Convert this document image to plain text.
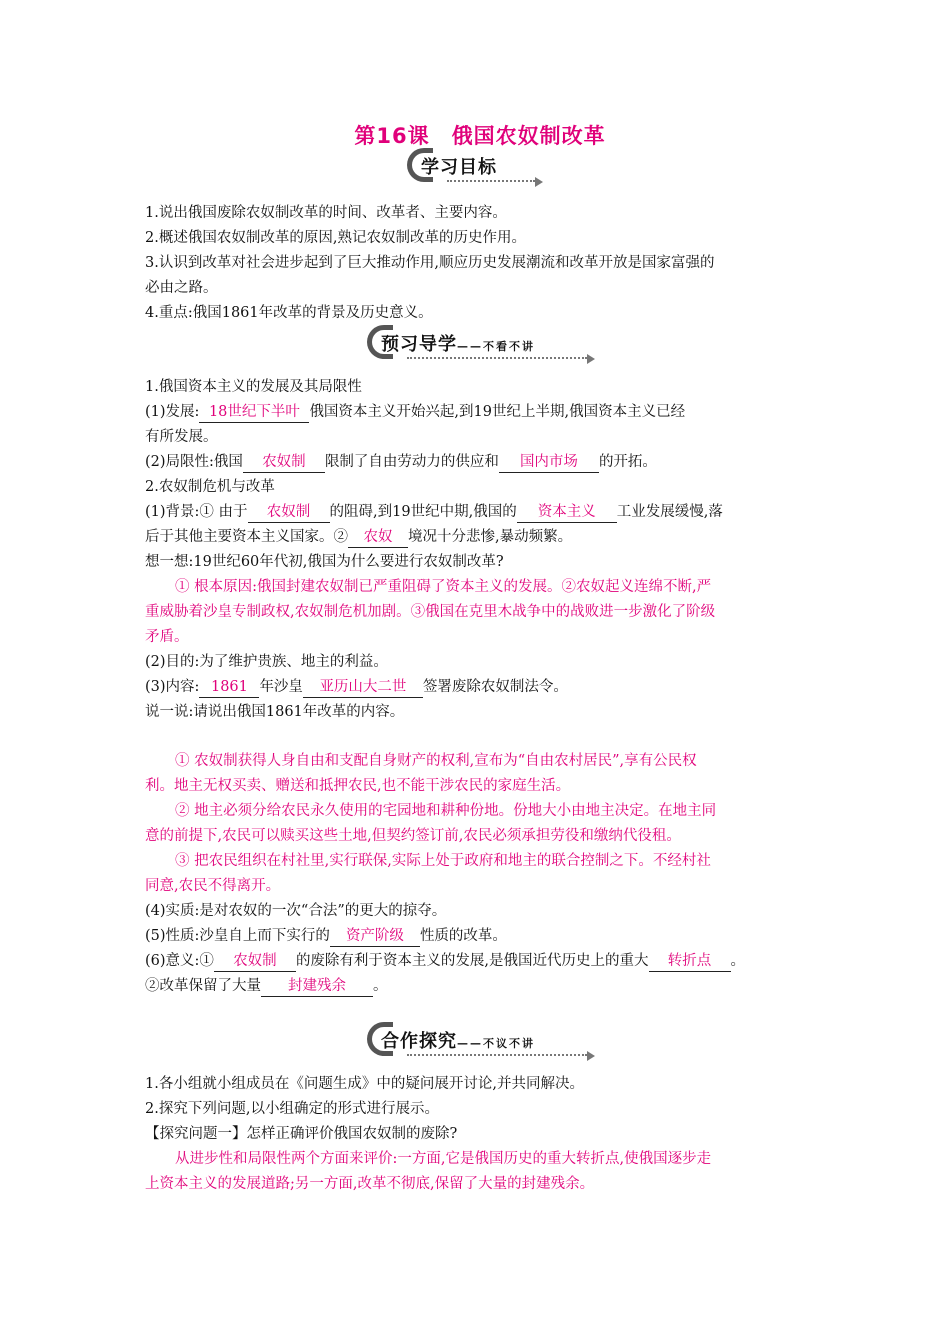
第16课　俄国农奴制改革
学习目标
1.说出俄国废除农奴制改革的时间、改革者、主要内容。
2.概述俄国农奴制改革的原因,熟记农奴制改革的历史作用。
3.认识到改革对社会进步起到了巨大推动作用,顺应历史发展潮流和改革开放是国家富强的
必由之路。
4.重点:俄国1861年改革的背景及历史意义。
预习导学——不看不讲
1.俄国资本主义的发展及其局限性
(1)发展: 18世纪下半叶 俄国资本主义开始兴起,到19世纪上半期,俄国资本主义已经
有所发展。
(2)局限性:俄国 农奴制 限制了自由劳动力的供应和 国内市场 的开拓。
2.农奴制危机与改革
(1)背景:① 由于 农奴制 的阻碍,到19世纪中期,俄国的 资本主义 工业发展缓慢,落
后于其他主要资本主义国家。② 农奴 境况十分悲惨,暴动频繁。
想一想:19世纪60年代初,俄国为什么要进行农奴制改革?
① 根本原因:俄国封建农奴制已严重阻碍了资本主义的发展。②农奴起义连绵不断,严
重威胁着沙皇专制政权,农奴制危机加剧。③俄国在克里木战争中的战败进一步激化了阶级
矛盾。
(2)目的:为了维护贵族、地主的利益。
(3)内容: 1861 年沙皇 亚历山大二世 签署废除农奴制法令。
说一说:请说出俄国1861年改革的内容。
① 农奴制获得人身自由和支配自身财产的权利,宣布为“自由农村居民”,享有公民权
利。地主无权买卖、赠送和抵押农民,也不能干涉农民的家庭生活。
② 地主必须分给农民永久使用的宅园地和耕种份地。份地大小由地主决定。在地主同
意的前提下,农民可以赎买这些土地,但契约签订前,农民必须承担劳役和缴纳代役租。
③ 把农民组织在村社里,实行联保,实际上处于政府和地主的联合控制之下。不经村社
同意,农民不得离开。
(4)实质:是对农奴的一次“合法”的更大的掠夺。
(5)性质:沙皇自上而下实行的 资产阶级 性质的改革。
(6)意义:① 农奴制 的废除有利于资本主义的发展,是俄国近代历史上的重大 转折点 。
②改革保留了大量 封建残余 。
合作探究——不议不讲
1.各小组就小组成员在《问题生成》中的疑问展开讨论,并共同解决。
2.探究下列问题,以小组确定的形式进行展示。
【探究问题一】怎样正确评价俄国农奴制的废除?
从进步性和局限性两个方面来评价:一方面,它是俄国历史的重大转折点,使俄国逐步走
上资本主义的发展道路;另一方面,改革不彻底,保留了大量的封建残余。
